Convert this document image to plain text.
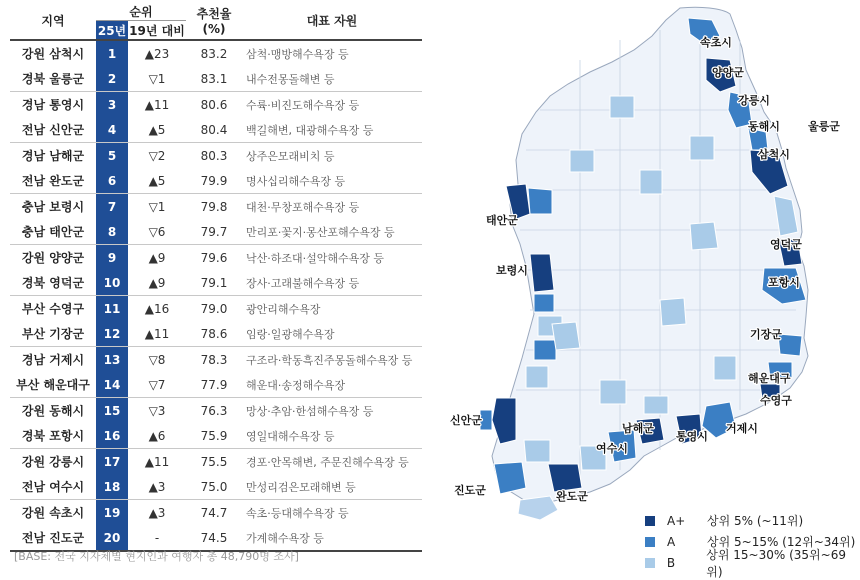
지역	순위		추천율 (%)	대표 자원
	25년	19년 대비		
강원 삼척시	1	▲23	83.2	삼척·맹방해수욕장 등
경북 울릉군	2	▽1	83.1	내수전몽돌해변 등
경남 통영시	3	▲11	80.6	수륙·비진도해수욕장 등
전남 신안군	4	▲5	80.4	백길해변, 대광해수욕장 등
경남 남해군	5	▽2	80.3	상주은모래비치 등
전남 완도군	6	▲5	79.9	명사십리해수욕장 등
충남 보령시	7	▽1	79.8	대천·무창포해수욕장 등
충남 태안군	8	▽6	79.7	만리포·꽃지·몽산포해수욕장 등
강원 양양군	9	▲9	79.6	낙산·하조대·설악해수욕장 등
경북 영덕군	10	▲9	79.1	장사·고래불해수욕장 등
부산 수영구	11	▲16	79.0	광안리해수욕장
부산 기장군	12	▲11	78.6	임랑·일광해수욕장
경남 거제시	13	▽8	78.3	구조라·학동흑진주몽돌해수욕장 등
부산 해운대구	14	▽7	77.9	해운대·송정해수욕장
강원 동해시	15	▽3	76.3	망상·추암·한섬해수욕장 등
경북 포항시	16	▲6	75.9	영일대해수욕장 등
강원 강릉시	17	▲11	75.5	경포·안목해변, 주문진해수욕장 등
전남 여수시	18	▲3	75.0	만성리검은모래해변 등
강원 속초시	19	▲3	74.7	속초·등대해수욕장 등
전남 진도군	20	-	74.5	가계해수욕장 등
[BASE: 전국 지자체별 현지인과 여행자 총 48,790명 조사]
속초시
양양군
강릉시
동해시	울릉군
삼척시
태안군
영덕군
보령시
포항시
기장군
해운대구
수영구
신안군
남해군
통영시
거제시
여수시
진도군	완도군
A+	상위 5% (~11위)
A	상위 5~15% (12위~34위)
B
상위 15~30% (35위~69위)
